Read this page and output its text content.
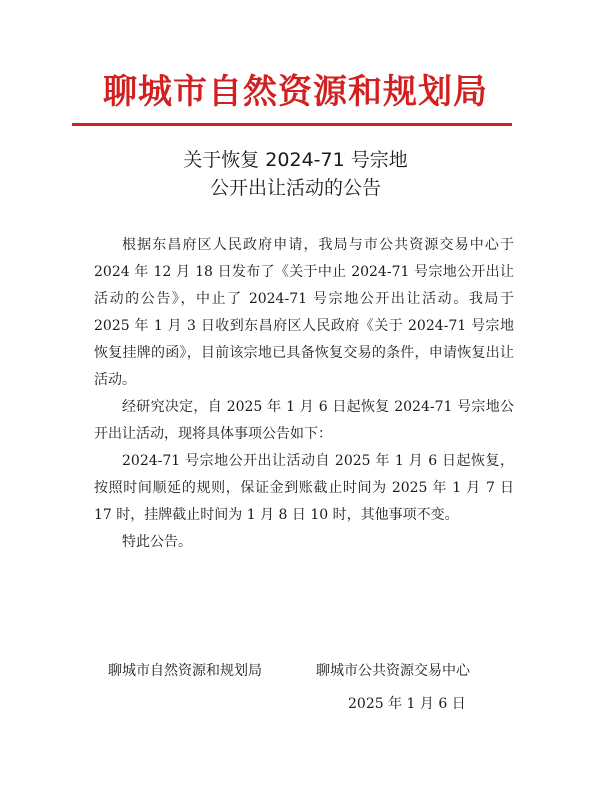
聊城市自然资源和规划局
关于恢复 2024-71 号宗地
公开出让活动的公告

根据东昌府区人民政府申请，我局与市公共资源交易中心于 2024 年 12 月 18 日发布了《关于中止 2024-71 号宗地公开出让活动的公告》，中止了 2024-71 号宗地公开出让活动。我局于 2025 年 1 月 3 日收到东昌府区人民政府《关于 2024-71 号宗地恢复挂牌的函》，目前该宗地已具备恢复交易的条件，申请恢复出让活动。

经研究决定，自 2025 年 1 月 6 日起恢复 2024-71 号宗地公开出让活动，现将具体事项公告如下：

2024-71 号宗地公开出让活动自 2025 年 1 月 6 日起恢复，按照时间顺延的规则，保证金到账截止时间为 2025 年 1 月 7 日 17 时，挂牌截止时间为 1 月 8 日 10 时，其他事项不变。

特此公告。

聊城市自然资源和规划局	聊城市公共资源交易中心
2025 年 1 月 6 日
